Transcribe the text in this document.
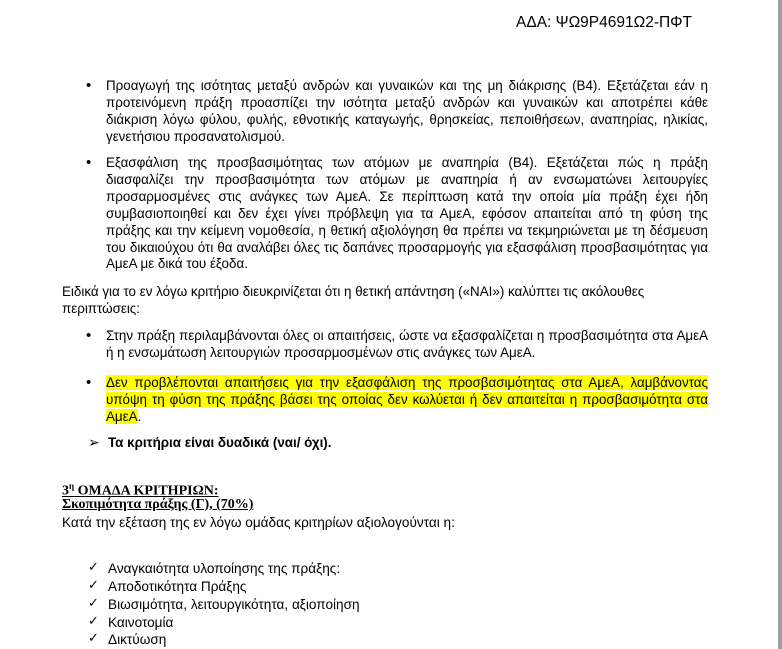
ΑΔΑ: ΨΩ9Ρ4691Ω2-ΠΦΤ
• Προαγωγή της ισότητας μεταξύ ανδρών και γυναικών και της μη διάκρισης (Β4). Εξετάζεται εάν η προτεινόμενη πράξη προασπίζει την ισότητα μεταξύ ανδρών και γυναικών και αποτρέπει κάθε διάκριση λόγω φύλου, φυλής, εθνοτικής καταγωγής, θρησκείας, πεποιθήσεων, αναπηρίας, ηλικίας, γενετήσιου προσανατολισμού.
• Εξασφάλιση της προσβασιμότητας των ατόμων με αναπηρία (Β4). Εξετάζεται πώς η πράξη διασφαλίζει την προσβασιμότητα των ατόμων με αναπηρία ή αν ενσωματώνει λειτουργίες προσαρμοσμένες στις ανάγκες των ΑμεΑ. Σε περίπτωση κατά την οποία μία πράξη έχει ήδη συμβασιοποιηθεί και δεν έχει γίνει πρόβλεψη για τα ΑμεΑ, εφόσον απαιτείται από τη φύση της πράξης και την κείμενη νομοθεσία, η θετική αξιολόγηση θα πρέπει να τεκμηριώνεται με τη δέσμευση του δικαιούχου ότι θα αναλάβει όλες τις δαπάνες προσαρμογής για εξασφάλιση προσβασιμότητας για ΑμεΑ με δικά του έξοδα.
Ειδικά για το εν λόγω κριτήριο διευκρινίζεται ότι η θετική απάντηση («ΝΑΙ») καλύπτει τις ακόλουθες
περιπτώσεις:
• Στην πράξη περιλαμβάνονται όλες οι απαιτήσεις, ώστε να εξασφαλίζεται η προσβασιμότητα στα ΑμεΑ ή η ενσωμάτωση λειτουργιών προσαρμοσμένων στις ανάγκες των ΑμεΑ.
• Δεν προβλέπονται απαιτήσεις για την εξασφάλιση της προσβασιμότητας στα ΑμεΑ, λαμβάνοντας υπόψη τη φύση της πράξης βάσει της οποίας δεν κωλύεται ή δεν απαιτείται η προσβασιμότητα στα ΑμεΑ.
➢ Τα κριτήρια είναι δυαδικά (ναι/ όχι).
$3^\eta$ ΟΜΑΔΑ ΚΡΙΤΗΡΙΩΝ:
Σκοπιμότητα πράξης (Γ), (70%)
Κατά την εξέταση της εν λόγω ομάδας κριτηρίων αξιολογούνται η:
✓ Αναγκαιότητα υλοποίησης της πράξης:
✓ Αποδοτικότητα Πράξης
✓ Βιωσιμότητα, λειτουργικότητα, αξιοποίηση
✓ Καινοτομία
✓ Δικτύωση
